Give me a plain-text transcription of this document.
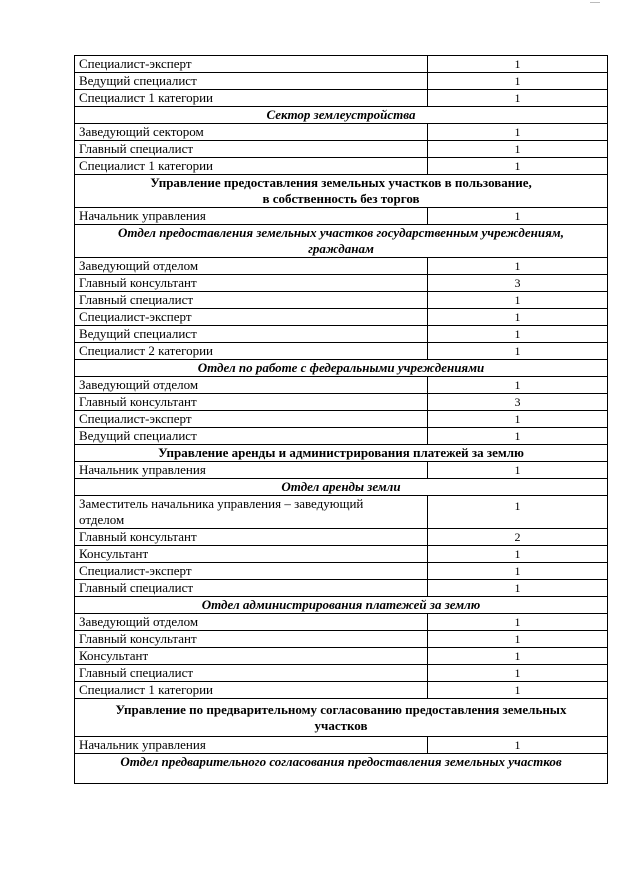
Специалист-эксперт	1
Ведущий специалист	1
Специалист 1 категории	1
Сектор землеустройства	
Заведующий сектором	1
Главный специалист	1
Специалист 1 категории	1
Управление предоставления земельных участков в пользование,
в собственность без торгов	
Начальник управления	1
Отдел предоставления земельных участков государственным учреждениям,
гражданам	
Заведующий отделом	1
Главный консультант	3
Главный специалист	1
Специалист-эксперт	1
Ведущий специалист	1
Специалист 2 категории	1
Отдел по работе с федеральными учреждениями	
Заведующий отделом	1
Главный консультант	3
Специалист-эксперт	1
Ведущий специалист	1
Управление аренды и администрирования платежей за землю	
Начальник управления	1
Отдел аренды земли	
Заместитель начальника управления – заведующий
отделом	1
Главный консультант	2
Консультант	1
Специалист-эксперт	1
Главный специалист	1
Отдел администрирования платежей за землю	
Заведующий отделом	1
Главный консультант	1
Консультант	1
Главный специалист	1
Специалист 1 категории	1
Управление по предварительному согласованию предоставления земельных
участков	
Начальник управления	1
Отдел предварительного согласования предоставления земельных участков	
